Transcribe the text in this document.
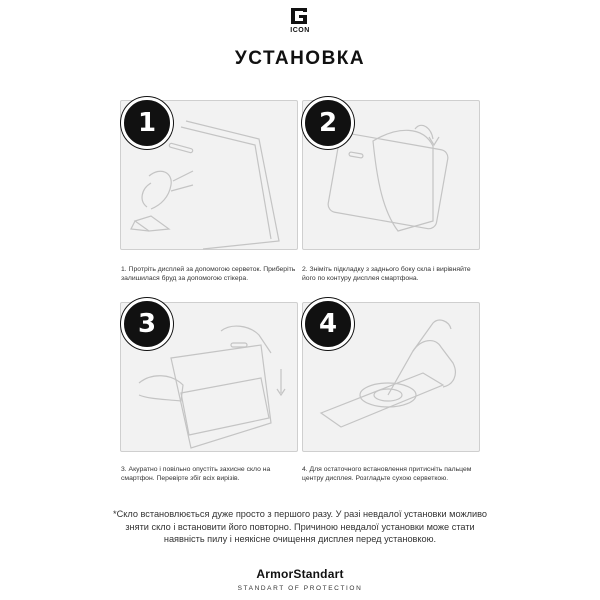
ICON
УСТАНОВКА
1
1. Протріть дисплей за допомогою серветок. Приберіть залишилася бруд за допомогою стікера.
2
2. Зніміть підкладку з заднього боку скла і вирівняйте його по контуру дисплея смартфона.
3
3. Акуратно і повільно опустіть захисне скло на смартфон. Перевірте збіг всіх вирізів.
4
4. Для остаточного встановлення притисніть пальцем центру дисплея. Розгладьте сухою серветкою.
*Скло встановлюється дуже просто з першого разу. У разі невдалої установки можливо зняти скло і встановити його повторно. Причиною невдалої установки може стати наявність пилу і неякісне очищення дисплея перед установкою.
ArmorStandart
STANDART OF PROTECTION
